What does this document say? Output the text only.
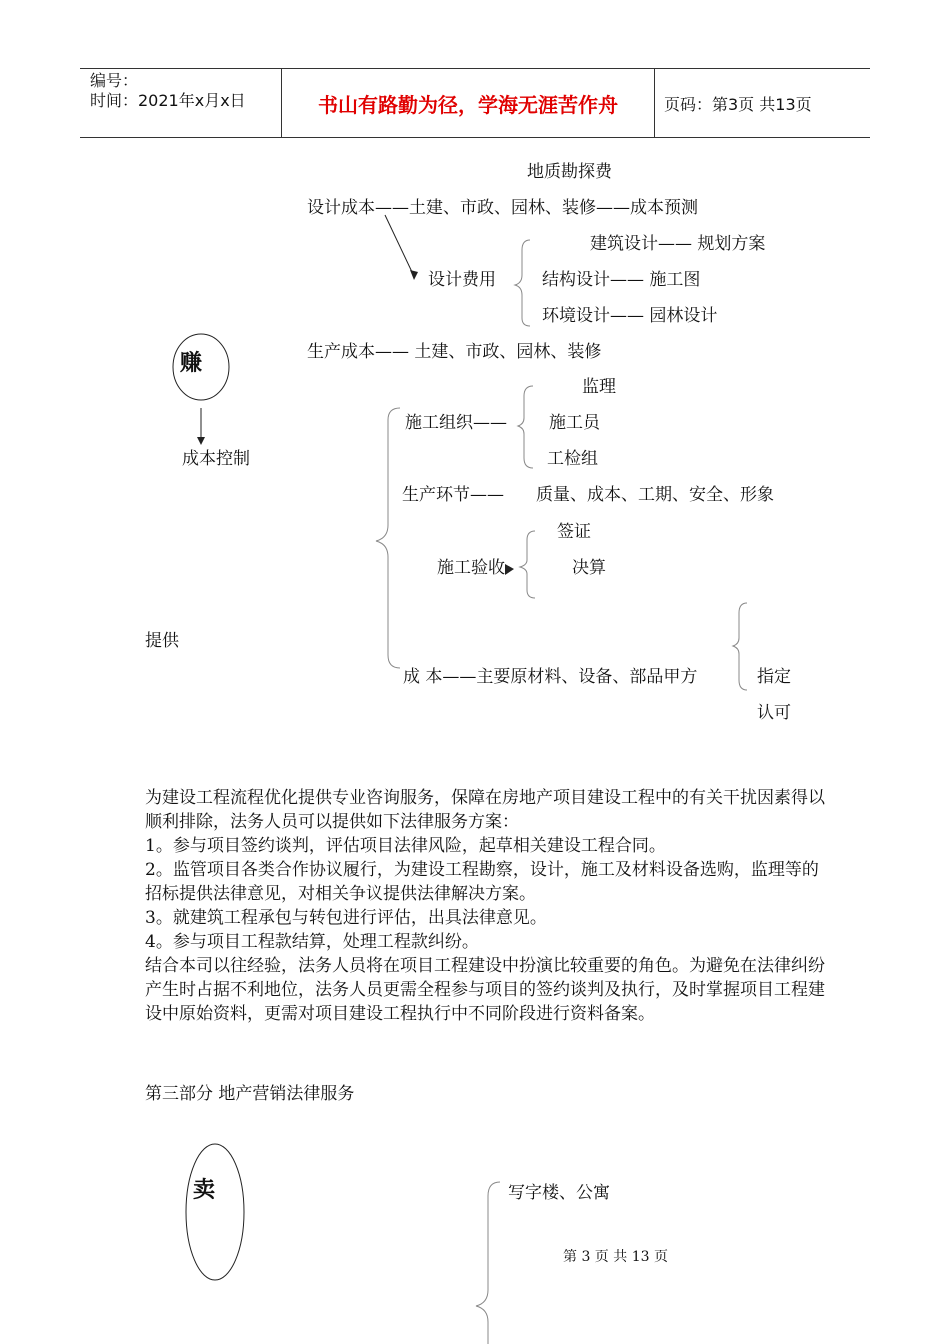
编号：
时间：2021年x月x日	书山有路勤为径，学海无涯苦作舟	页码：第3页 共13页
地质勘探费
设计成本——土建、市政、园林、装修——成本预测
建筑设计—— 规划方案
设计费用	结构设计—— 施工图
环境设计—— 园林设计
赚	生产成本—— 土建、市政、园林、装修
监理
施工组织—— 施工员
成本控制	工检组
生产环节—— 质量、成本、工期、安全、形象
签证
施工验收	决算
提供
成 本——主要原材料、设备、部品甲方	指定
认可
为建设工程流程优化提供专业咨询服务，保障在房地产项目建设工程中的有关干扰因素得以顺利排除，法务人员可以提供如下法律服务方案：
1。参与项目签约谈判，评估项目法律风险，起草相关建设工程合同。
2。监管项目各类合作协议履行，为建设工程勘察，设计，施工及材料设备选购，监理等的招标提供法律意见，对相关争议提供法律解决方案。
3。就建筑工程承包与转包进行评估，出具法律意见。
4。参与项目工程款结算，处理工程款纠纷。
结合本司以往经验，法务人员将在项目工程建设中扮演比较重要的角色。为避免在法律纠纷产生时占据不利地位，法务人员更需全程参与项目的签约谈判及执行，及时掌握项目工程建设中原始资料，更需对项目建设工程执行中不同阶段进行资料备案。
第三部分 地产营销法律服务
卖	写字楼、公寓
第 3 页 共 13 页
